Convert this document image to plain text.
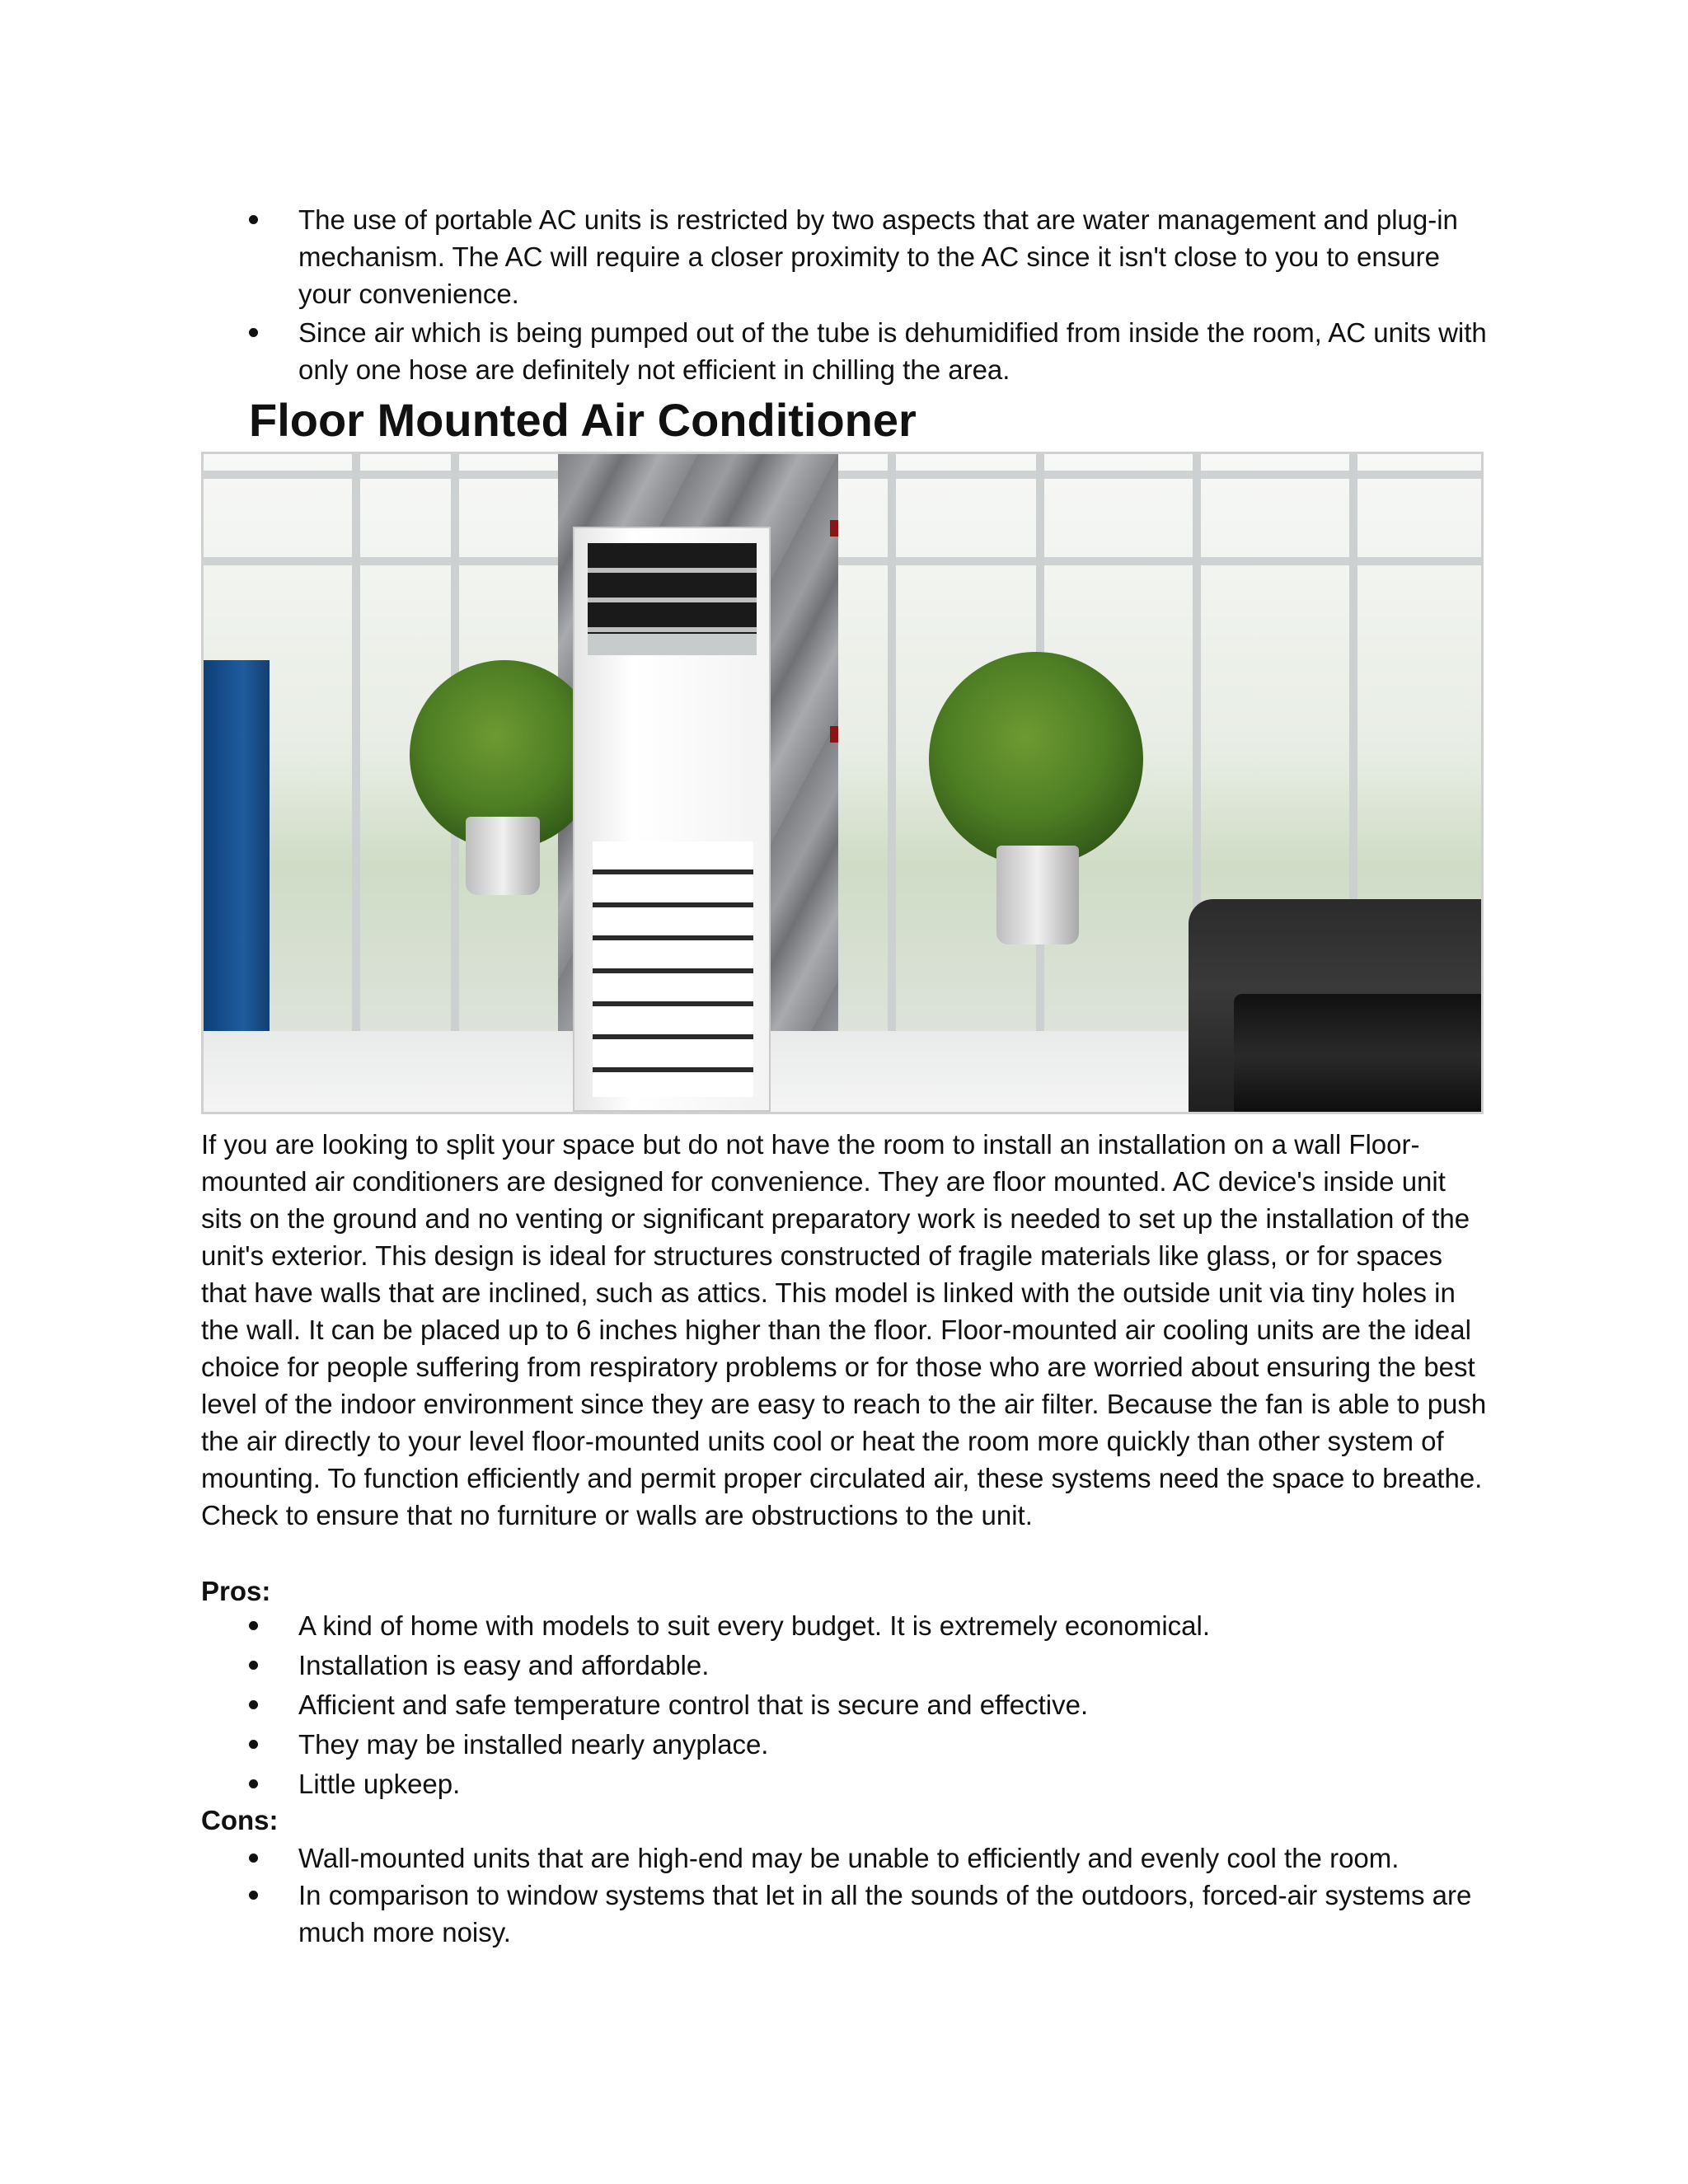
The use of portable AC units is restricted by two aspects that are water management and plug-in mechanism. The AC will require a closer proximity to the AC since it isn't close to you to ensure your convenience.
Since air which is being pumped out of the tube is dehumidified from inside the room, AC units with only one hose are definitely not efficient in chilling the area.
Floor Mounted Air Conditioner

If you are looking to split your space but do not have the room to install an installation on a wall Floor-mounted air conditioners are designed for convenience. They are floor mounted. AC device's inside unit sits on the ground and no venting or significant preparatory work is needed to set up the installation of the unit's exterior. This design is ideal for structures constructed of fragile materials like glass, or for spaces that have walls that are inclined, such as attics. This model is linked with the outside unit via tiny holes in the wall. It can be placed up to 6 inches higher than the floor. Floor-mounted air cooling units are the ideal choice for people suffering from respiratory problems or for those who are worried about ensuring the best level of the indoor environment since they are easy to reach to the air filter. Because the fan is able to push the air directly to your level floor-mounted units cool or heat the room more quickly than other system of mounting. To function efficiently and permit proper circulated air, these systems need the space to breathe. Check to ensure that no furniture or walls are obstructions to the unit.

Pros:

A kind of home with models to suit every budget. It is extremely economical.
Installation is easy and affordable.
Afficient and safe temperature control that is secure and effective.
They may be installed nearly anyplace.
Little upkeep.

Cons:

Wall-mounted units that are high-end may be unable to efficiently and evenly cool the room.
In comparison to window systems that let in all the sounds of the outdoors, forced-air systems are much more noisy.
